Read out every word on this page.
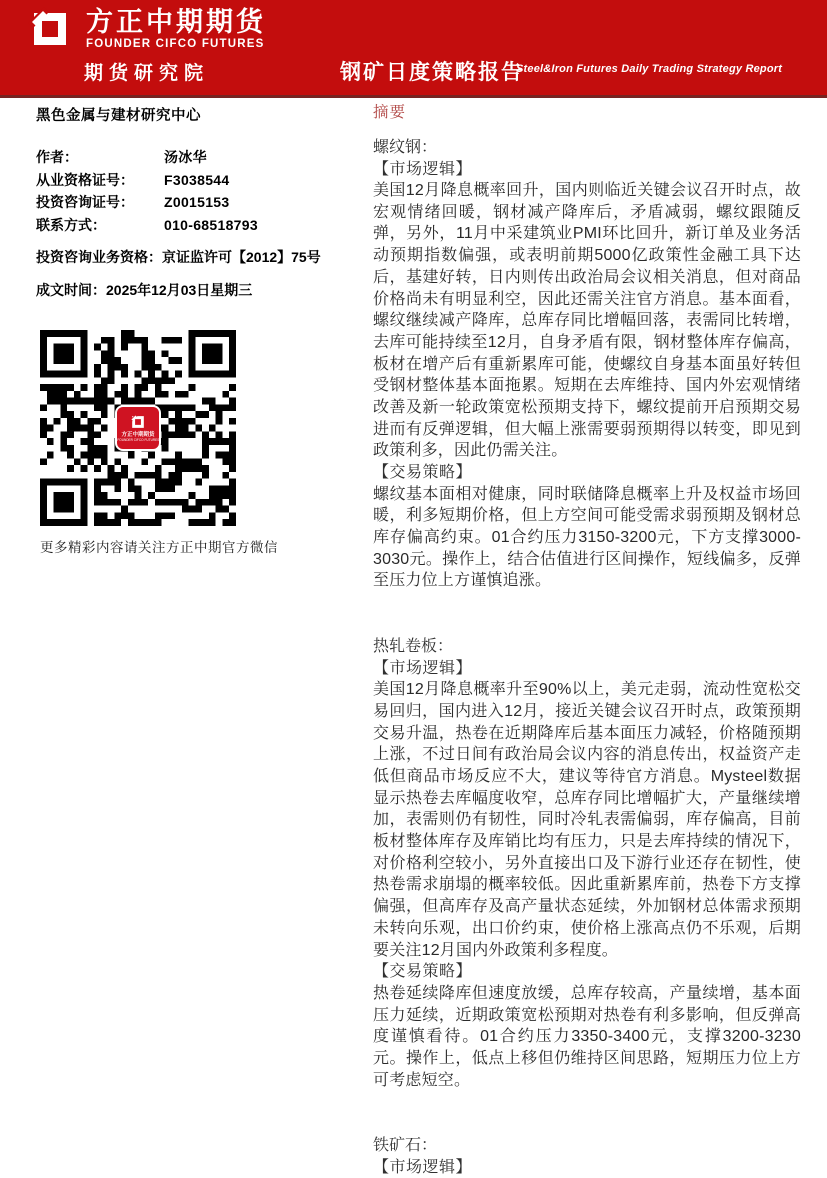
方正中期期货
FOUNDER CIFCO FUTURES
期货研究院	钢矿日度策略报告
Steel&Iron Futures Daily Trading Strategy Report
黑色金属与建材研究中心
作者：	汤冰华
从业资格证号：	F3038544
投资咨询证号：	Z0015153
联系方式：	010-68518793
投资咨询业务资格：京证监许可【2012】75号
成文时间：2025年12月03日星期三
方正中期期货
FOUNDER CIFCO FUTURES
更多精彩内容请关注方正中期官方微信
摘要
螺纹钢：
【市场逻辑】
美国12月降息概率回升，国内则临近关键会议召开时点，故宏观情绪回暖，钢材减产降库后，矛盾减弱，螺纹跟随反弹，另外，11月中采建筑业PMI环比回升，新订单及业务活动预期指数偏强，或表明前期5000亿政策性金融工具下达后，基建好转，日内则传出政治局会议相关消息，但对商品价格尚未有明显利空，因此还需关注官方消息。基本面看，螺纹继续减产降库，总库存同比增幅回落，表需同比转增，去库可能持续至12月，自身矛盾有限，钢材整体库存偏高，板材在增产后有重新累库可能，使螺纹自身基本面虽好转但受钢材整体基本面拖累。短期在去库维持、国内外宏观情绪改善及新一轮政策宽松预期支持下，螺纹提前开启预期交易进而有反弹逻辑，但大幅上涨需要弱预期得以转变，即见到政策利多，因此仍需关注。
【交易策略】
螺纹基本面相对健康，同时联储降息概率上升及权益市场回暖，利多短期价格，但上方空间可能受需求弱预期及钢材总库存偏高约束。01合约压力3150-3200元，下方支撑3000-3030元。操作上，结合估值进行区间操作，短线偏多，反弹至压力位上方谨慎追涨。
热轧卷板：
【市场逻辑】
美国12月降息概率升至90%以上，美元走弱，流动性宽松交易回归，国内进入12月，接近关键会议召开时点，政策预期交易升温，热卷在近期降库后基本面压力减轻，价格随预期上涨，不过日间有政治局会议内容的消息传出，权益资产走低但商品市场反应不大，建议等待官方消息。Mysteel数据显示热卷去库幅度收窄，总库存同比增幅扩大，产量继续增加，表需则仍有韧性，同时冷轧表需偏弱，库存偏高，目前板材整体库存及库销比均有压力，只是去库持续的情况下，对价格利空较小，另外直接出口及下游行业还存在韧性，使热卷需求崩塌的概率较低。因此重新累库前，热卷下方支撑偏强，但高库存及高产量状态延续，外加钢材总体需求预期未转向乐观，出口价约束，使价格上涨高点仍不乐观，后期要关注12月国内外政策利多程度。
【交易策略】
热卷延续降库但速度放缓，总库存较高，产量续增，基本面压力延续，近期政策宽松预期对热卷有利多影响，但反弹高度谨慎看待。01合约压力3350-3400元，支撑3200-3230元。操作上，低点上移但仍维持区间思路，短期压力位上方可考虑短空。
铁矿石：
【市场逻辑】
